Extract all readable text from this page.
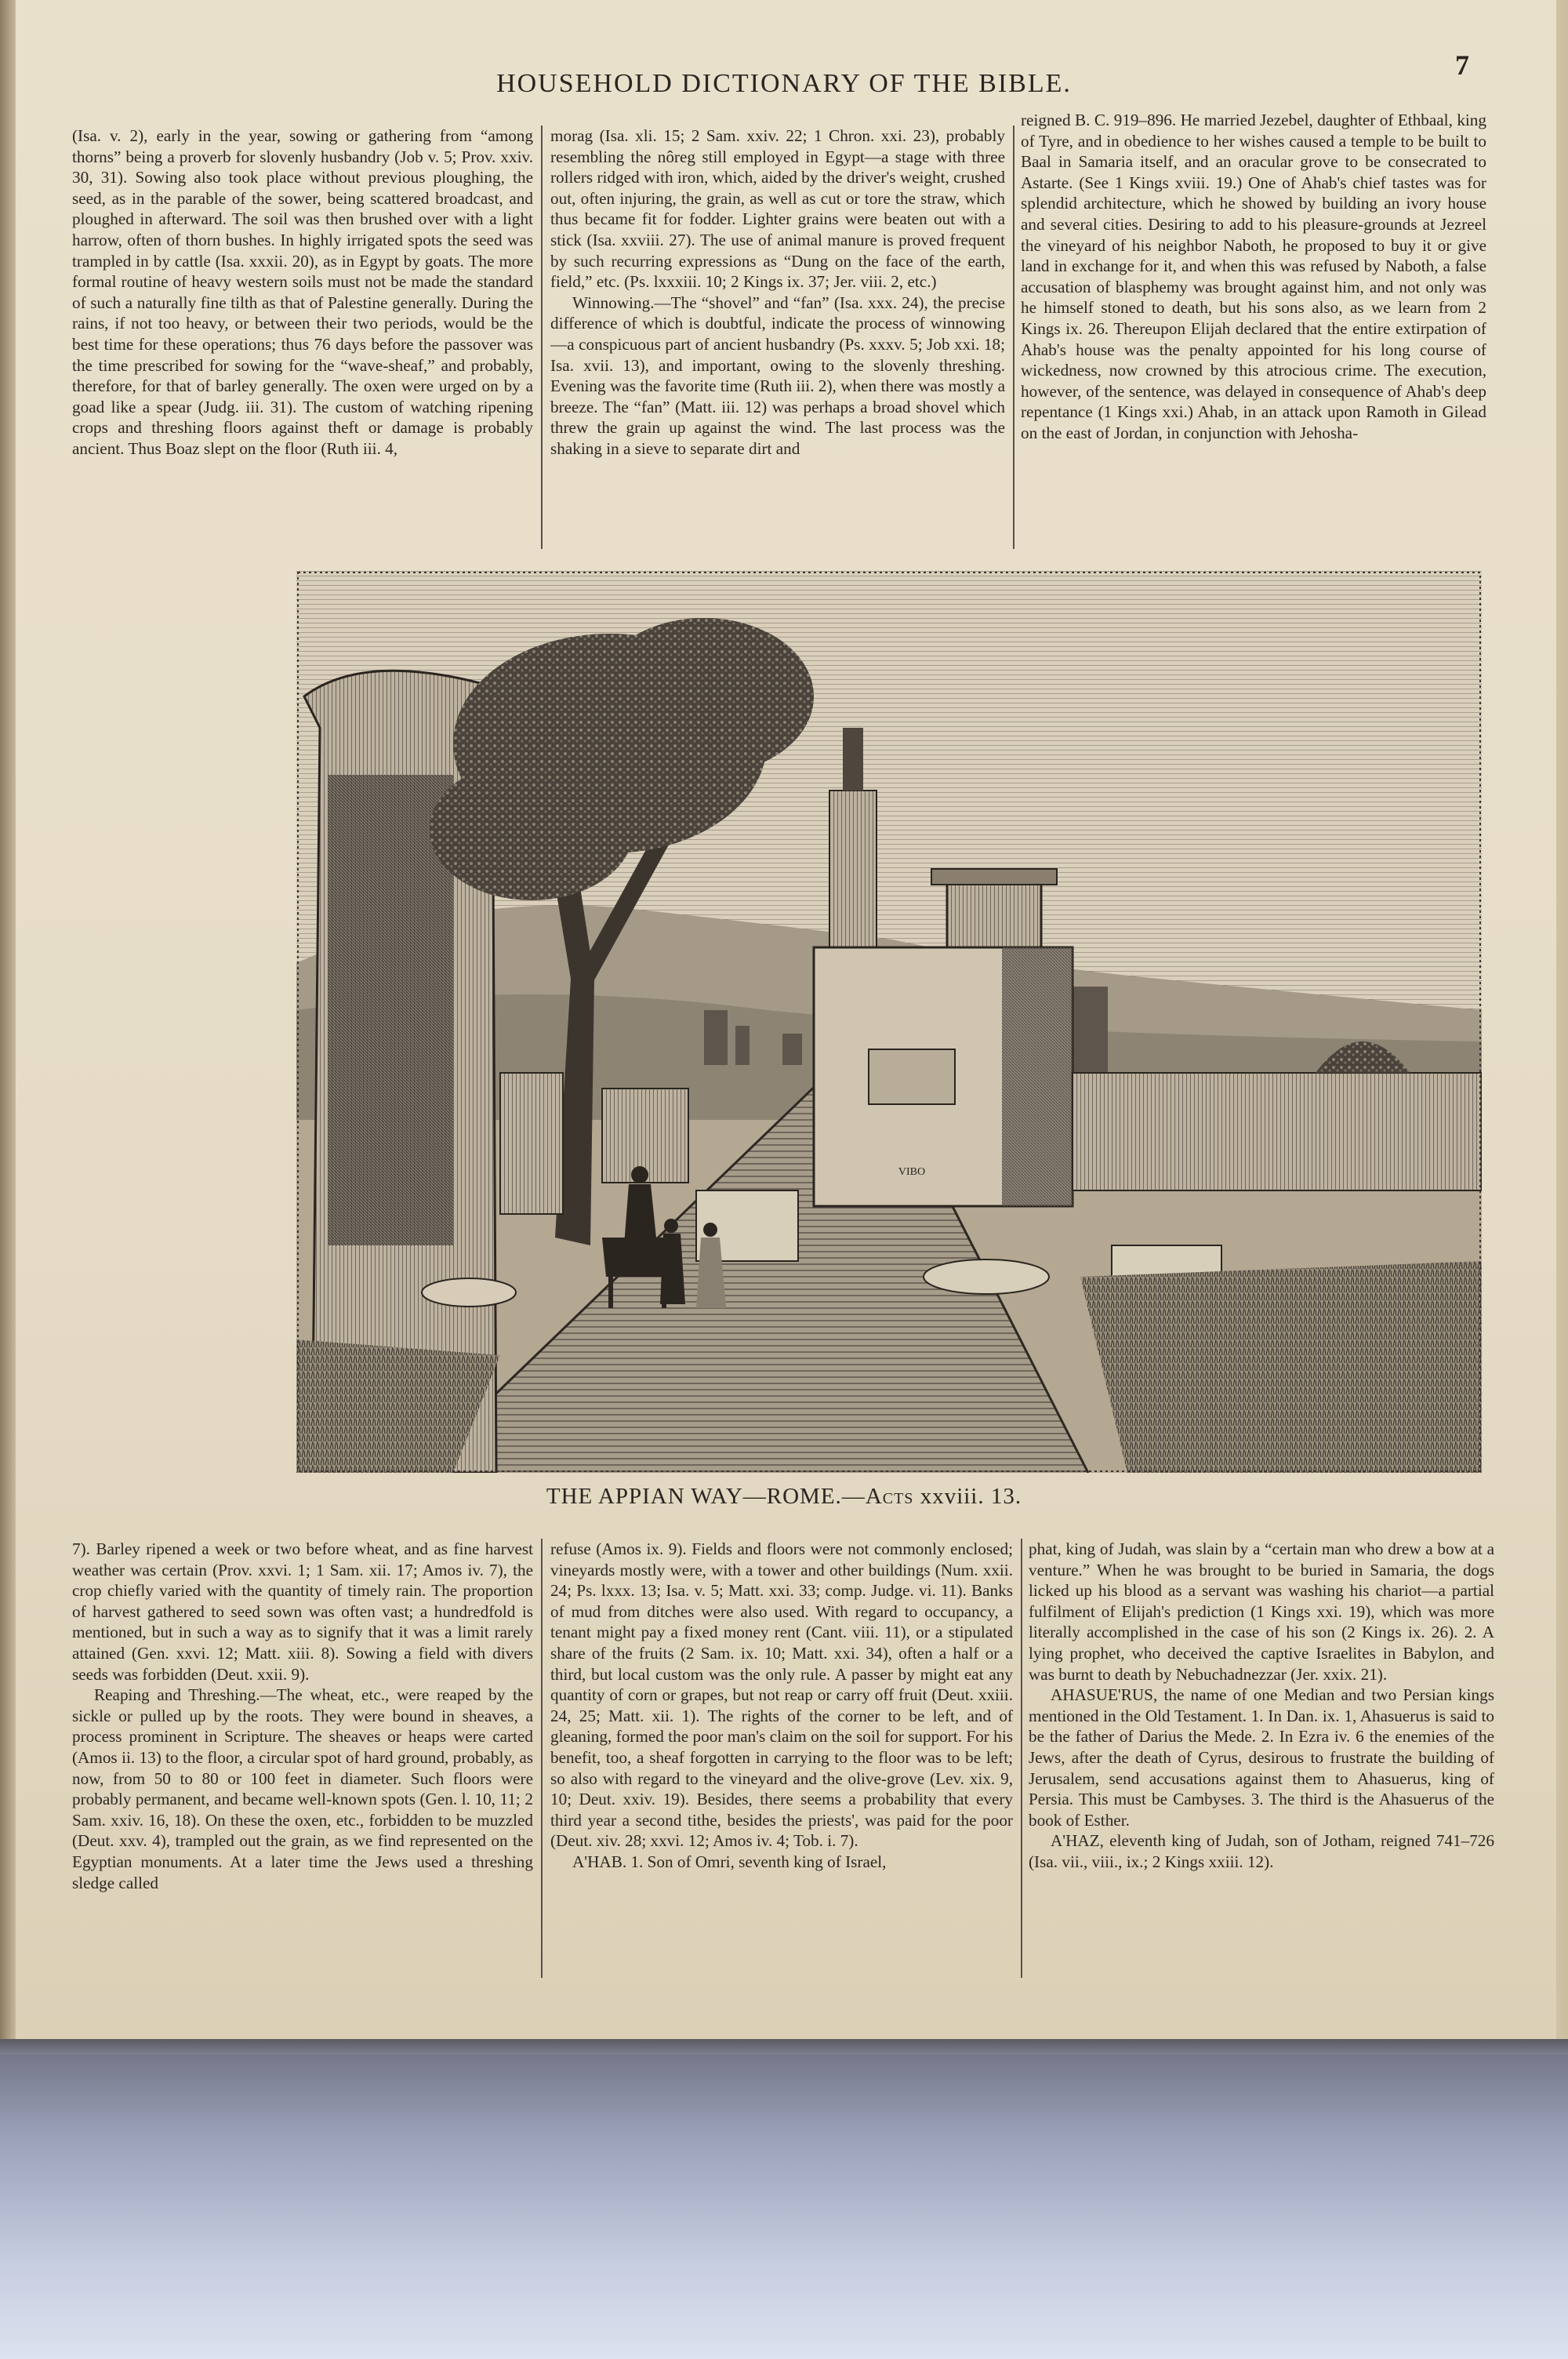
HOUSEHOLD DICTIONARY OF THE BIBLE.
7

(Isa. v. 2), early in the year, sowing or gathering from “among thorns” being a proverb for slovenly husbandry (Job v. 5; Prov. xxiv. 30, 31). Sowing also took place without previous ploughing, the seed, as in the parable of the sower, being scattered broadcast, and ploughed in afterward. The soil was then brushed over with a light harrow, often of thorn bushes. In highly irrigated spots the seed was trampled in by cattle (Isa. xxxii. 20), as in Egypt by goats. The more formal routine of heavy western soils must not be made the standard of such a naturally fine tilth as that of Palestine generally. During the rains, if not too heavy, or between their two periods, would be the best time for these operations; thus 76 days before the passover was the time prescribed for sowing for the “wave-sheaf,” and probably, therefore, for that of barley generally. The oxen were urged on by a goad like a spear (Judg. iii. 31). The custom of watching ripening crops and threshing floors against theft or damage is probably ancient. Thus Boaz slept on the floor (Ruth iii. 4,

morag (Isa. xli. 15; 2 Sam. xxiv. 22; 1 Chron. xxi. 23), probably resembling the nôreg still employed in Egypt—a stage with three rollers ridged with iron, which, aided by the driver's weight, crushed out, often injuring, the grain, as well as cut or tore the straw, which thus became fit for fodder. Lighter grains were beaten out with a stick (Isa. xxviii. 27). The use of animal manure is proved frequent by such recurring expressions as “Dung on the face of the earth, field,” etc. (Ps. lxxxiii. 10; 2 Kings ix. 37; Jer. viii. 2, etc.)

Winnowing.—The “shovel” and “fan” (Isa. xxx. 24), the precise difference of which is doubtful, indicate the process of winnowing—a conspicuous part of ancient husbandry (Ps. xxxv. 5; Job xxi. 18; Isa. xvii. 13), and important, owing to the slovenly threshing. Evening was the favorite time (Ruth iii. 2), when there was mostly a breeze. The “fan” (Matt. iii. 12) was perhaps a broad shovel which threw the grain up against the wind. The last process was the shaking in a sieve to separate dirt and

reigned B. C. 919–896. He married Jezebel, daughter of Ethbaal, king of Tyre, and in obedience to her wishes caused a temple to be built to Baal in Samaria itself, and an oracular grove to be consecrated to Astarte. (See 1 Kings xviii. 19.) One of Ahab's chief tastes was for splendid architecture, which he showed by building an ivory house and several cities. Desiring to add to his pleasure-grounds at Jezreel the vineyard of his neighbor Naboth, he proposed to buy it or give land in exchange for it, and when this was refused by Naboth, a false accusation of blasphemy was brought against him, and not only was he himself stoned to death, but his sons also, as we learn from 2 Kings ix. 26. Thereupon Elijah declared that the entire extirpation of Ahab's house was the penalty appointed for his long course of wickedness, now crowned by this atrocious crime. The execution, however, of the sentence, was delayed in consequence of Ahab's deep repentance (1 Kings xxi.) Ahab, in an attack upon Ramoth in Gilead on the east of Jordan, in conjunction with Jehosha-

VIBO
THE APPIAN WAY—ROME.—Acts xxviii. 13.

7). Barley ripened a week or two before wheat, and as fine harvest weather was certain (Prov. xxvi. 1; 1 Sam. xii. 17; Amos iv. 7), the crop chiefly varied with the quantity of timely rain. The proportion of harvest gathered to seed sown was often vast; a hundredfold is mentioned, but in such a way as to signify that it was a limit rarely attained (Gen. xxvi. 12; Matt. xiii. 8). Sowing a field with divers seeds was forbidden (Deut. xxii. 9).

Reaping and Threshing.—The wheat, etc., were reaped by the sickle or pulled up by the roots. They were bound in sheaves, a process prominent in Scripture. The sheaves or heaps were carted (Amos ii. 13) to the floor, a circular spot of hard ground, probably, as now, from 50 to 80 or 100 feet in diameter. Such floors were probably permanent, and became well-known spots (Gen. l. 10, 11; 2 Sam. xxiv. 16, 18). On these the oxen, etc., forbidden to be muzzled (Deut. xxv. 4), trampled out the grain, as we find represented on the Egyptian monuments. At a later time the Jews used a threshing sledge called

refuse (Amos ix. 9). Fields and floors were not commonly enclosed; vineyards mostly were, with a tower and other buildings (Num. xxii. 24; Ps. lxxx. 13; Isa. v. 5; Matt. xxi. 33; comp. Judge. vi. 11). Banks of mud from ditches were also used. With regard to occupancy, a tenant might pay a fixed money rent (Cant. viii. 11), or a stipulated share of the fruits (2 Sam. ix. 10; Matt. xxi. 34), often a half or a third, but local custom was the only rule. A passer by might eat any quantity of corn or grapes, but not reap or carry off fruit (Deut. xxiii. 24, 25; Matt. xii. 1). The rights of the corner to be left, and of gleaning, formed the poor man's claim on the soil for support. For his benefit, too, a sheaf forgotten in carrying to the floor was to be left; so also with regard to the vineyard and the olive-grove (Lev. xix. 9, 10; Deut. xxiv. 19). Besides, there seems a probability that every third year a second tithe, besides the priests', was paid for the poor (Deut. xiv. 28; xxvi. 12; Amos iv. 4; Tob. i. 7).

A'HAB. 1. Son of Omri, seventh king of Israel,

phat, king of Judah, was slain by a “certain man who drew a bow at a venture.” When he was brought to be buried in Samaria, the dogs licked up his blood as a servant was washing his chariot—a partial fulfilment of Elijah's prediction (1 Kings xxi. 19), which was more literally accomplished in the case of his son (2 Kings ix. 26). 2. A lying prophet, who deceived the captive Israelites in Babylon, and was burnt to death by Nebuchadnezzar (Jer. xxix. 21).

AHASUE'RUS, the name of one Median and two Persian kings mentioned in the Old Testament. 1. In Dan. ix. 1, Ahasuerus is said to be the father of Darius the Mede. 2. In Ezra iv. 6 the enemies of the Jews, after the death of Cyrus, desirous to frustrate the building of Jerusalem, send accusations against them to Ahasuerus, king of Persia. This must be Cambyses. 3. The third is the Ahasuerus of the book of Esther.

A'HAZ, eleventh king of Judah, son of Jotham, reigned 741–726 (Isa. vii., viii., ix.; 2 Kings xxiii. 12).
